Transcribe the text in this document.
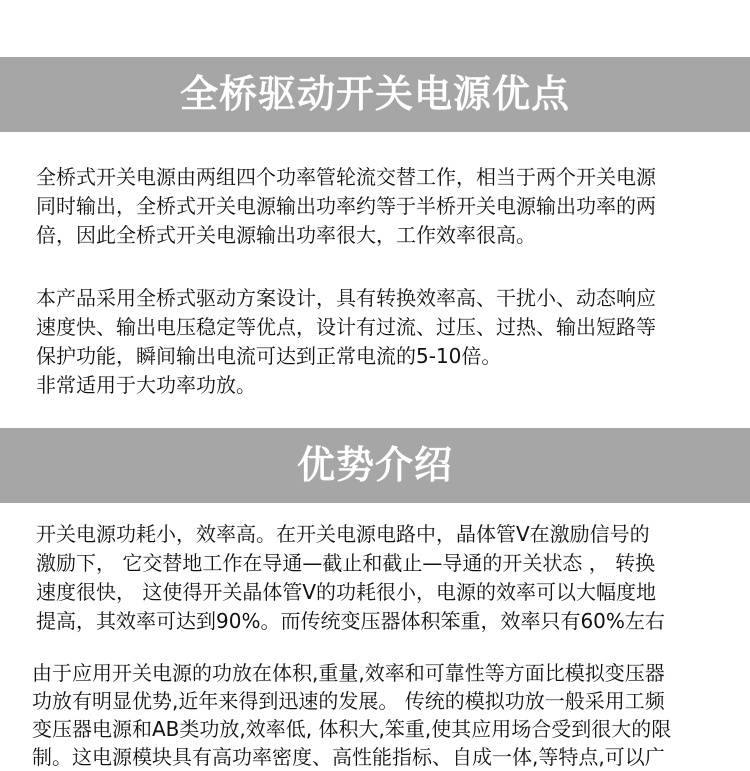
全桥驱动开关电源优点

全桥式开关电源由两组四个功率管轮流交替工作，相当于两个开关电源
同时输出，全桥式开关电源输出功率约等于半桥开关电源输出功率的两
倍，因此全桥式开关电源输出功率很大，工作效率很高。

本产品采用全桥式驱动方案设计，具有转换效率高、干扰小、动态响应
速度快、输出电压稳定等优点，设计有过流、过压、过热、输出短路等
保护功能，瞬间输出电流可达到正常电流的5-10倍。
非常适用于大功率功放。

优势介绍

开关电源功耗小，效率高。在开关电源电路中，晶体管V在激励信号的
激励下， 它交替地工作在导通—截止和截止—导通的开关状态 ， 转换
速度很快， 这使得开关晶体管V的功耗很小，电源的效率可以大幅度地
提高，其效率可达到90%。而传统变压器体积笨重，效率只有60%左右

由于应用开关电源的功放在体积,重量,效率和可靠性等方面比模拟变压器
功放有明显优势,近年来得到迅速的发展。 传统的模拟功放一般采用工频
变压器电源和AB类功放,效率低, 体积大,笨重,使其应用场合受到很大的限
制。这电源模块具有高功率密度、高性能指标、自成一体,等特点,可以广
